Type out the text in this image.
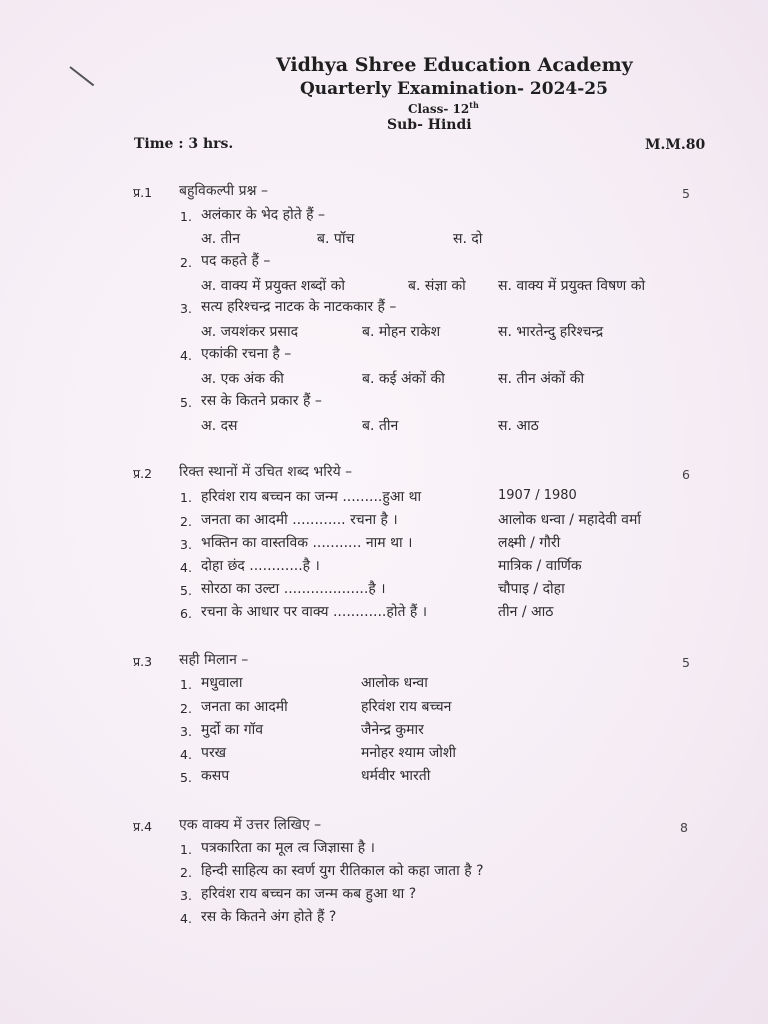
Vidhya Shree Education Academy
Quarterly Examination- 2024-25
Class- 12th
Sub- Hindi
Time : 3 hrs.	M.M.80
प्र.1 बहुविकल्पी प्रश्न –	5
1. अलंकार के भेद होते हैं –
अ. तीन	ब. पॉच	स. दो
2. पद कहते हैं –
अ. वाक्य में प्रयुक्त शब्दों को	ब. संज्ञा को स. वाक्य में प्रयुक्त विषण को
3. सत्य हरिश्चन्द्र नाटक के नाटककार हैं –
अ. जयशंकर प्रसाद	ब. मोहन राकेश	स. भारतेन्दु हरिश्चन्द्र
4. एकांकी रचना है –
अ. एक अंक की	ब. कई अंकों की	स. तीन अंकों की
5. रस के कितने प्रकार हैं –
अ. दस	ब. तीन	स. आठ
प्र.2 रिक्त स्थानों में उचित शब्द भरिये –	6
1. हरिवंश राय बच्चन का जन्म .........हुआ था	1907 / 1980
2. जनता का आदमी ............ रचना है ।	आलोक धन्वा / महादेवी वर्मा
3. भक्तिन का वास्तविक ........... नाम था ।	लक्ष्मी / गौरी
4. दोहा छंद ............है ।	मात्रिक / वार्णिक
5. सोरठा का उल्टा ...................है ।	चौपाइ / दोहा
6. रचना के आधार पर वाक्य ............होते हैं ।	तीन / आठ
प्र.3 सही मिलान –	5
1. मधुवाला	आलोक धन्वा
2. जनता का आदमी	हरिवंश राय बच्चन
3. मुर्दो का गॉव	जैनेन्द्र कुमार
4. परख	मनोहर श्याम जोशी
5. कसप	धर्मवीर भारती
प्र.4 एक वाक्य में उत्तर लिखिए –	8
1. पत्रकारिता का मूल त्व जिज्ञासा है ।
2. हिन्दी साहित्य का स्वर्ण युग रीतिकाल को कहा जाता है ?
3. हरिवंश राय बच्चन का जन्म कब हुआ था ?
4. रस के कितने अंग होते हैं ?
